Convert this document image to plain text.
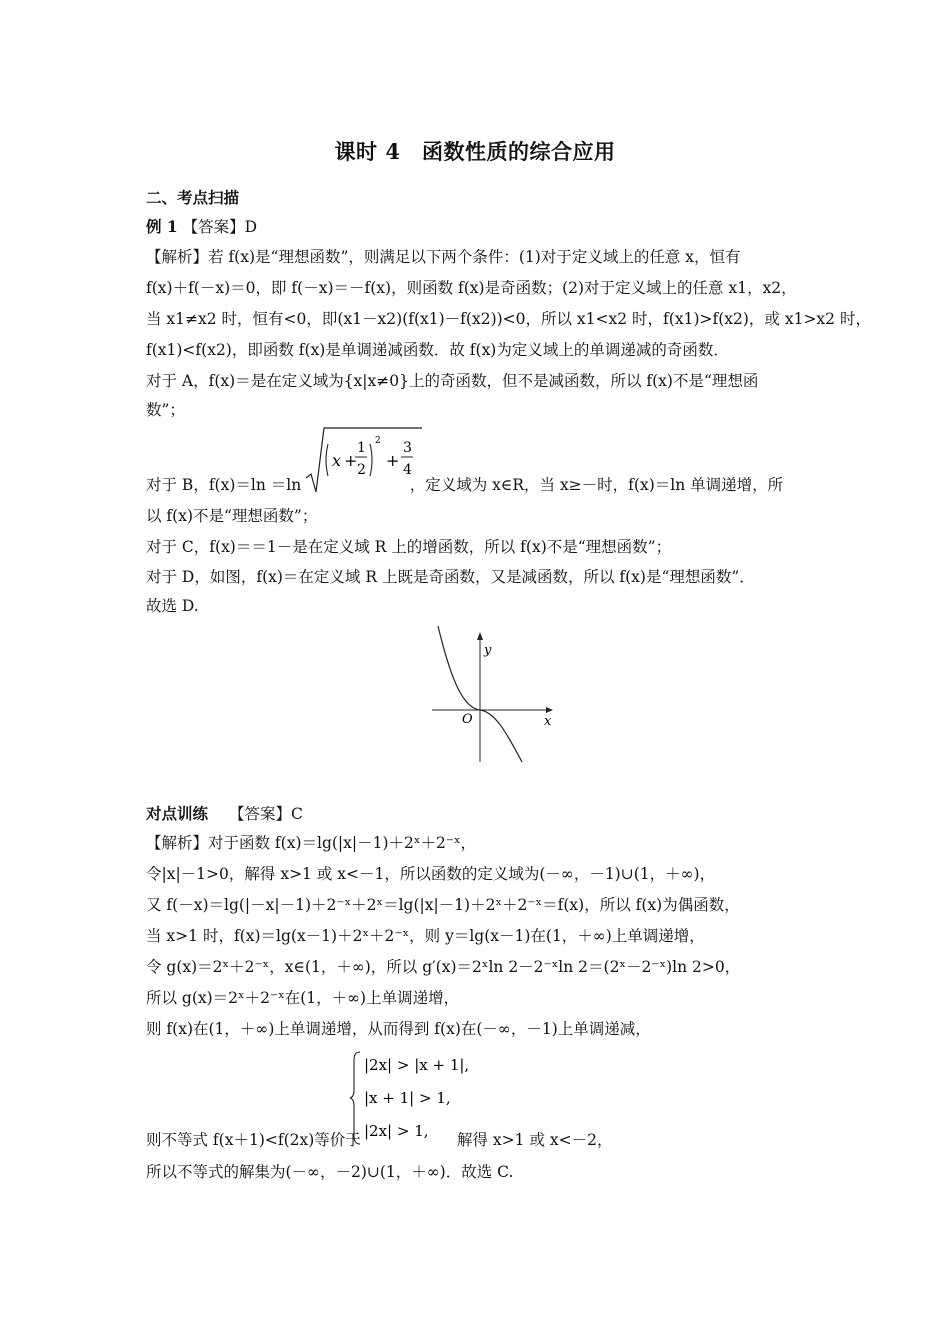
课时 4　函数性质的综合应用
二、考点扫描
例 1 【答案】D
【解析】若 f(x)是“理想函数”，则满足以下两个条件：(1)对于定义域上的任意 x，恒有
f(x)＋f(－x)＝0，即 f(－x)＝－f(x)，则函数 f(x)是奇函数；(2)对于定义域上的任意 x1，x2，
当 x1≠x2 时，恒有<0，即(x1－x2)(f(x1)－f(x2))<0，所以 x1<x2 时，f(x1)>f(x2)，或 x1>x2 时，
f(x1)<f(x2)，即函数 f(x)是单调递减函数．故 f(x)为定义域上的单调递减的奇函数．
对于 A，f(x)＝是在定义域为{x|x≠0}上的奇函数，但不是减函数，所以 f(x)不是“理想函
数”；
x +
1
2
2
+
3
4
对于 B，f(x)＝ln ＝ln　　　　　　　，定义域为 x∈R，当 x≥－时，f(x)＝ln 单调递增，所
以 f(x)不是“理想函数”；
对于 C，f(x)＝＝1－是在定义域 R 上的增函数，所以 f(x)不是“理想函数”；
对于 D，如图，f(x)＝在定义域 R 上既是奇函数，又是减函数，所以 f(x)是“理想函数”．
故选 D.
x
y
O
对点训练 【答案】C
【解析】对于函数 f(x)＝lg(|x|－1)＋2ˣ＋2⁻ˣ，
令|x|－1>0，解得 x>1 或 x<－1，所以函数的定义域为(－∞，－1)∪(1，＋∞)，
又 f(－x)＝lg(|－x|－1)＋2⁻ˣ＋2ˣ＝lg(|x|－1)＋2ˣ＋2⁻ˣ＝f(x)，所以 f(x)为偶函数，
当 x>1 时，f(x)＝lg(x－1)＋2ˣ＋2⁻ˣ，则 y＝lg(x－1)在(1，＋∞)上单调递增，
令 g(x)＝2ˣ＋2⁻ˣ，x∈(1，＋∞)，所以 g′(x)＝2ˣln 2－2⁻ˣln 2＝(2ˣ－2⁻ˣ)ln 2>0，
所以 g(x)＝2ˣ＋2⁻ˣ在(1，＋∞)上单调递增，
则 f(x)在(1，＋∞)上单调递增，从而得到 f(x)在(－∞，－1)上单调递减，
|2x| > |x + 1|,
|x + 1| > 1,
|2x| > 1,
则不等式 f(x＋1)<f(2x)等价于	解得 x>1 或 x<－2，
所以不等式的解集为(－∞，－2)∪(1，＋∞)．故选 C.
